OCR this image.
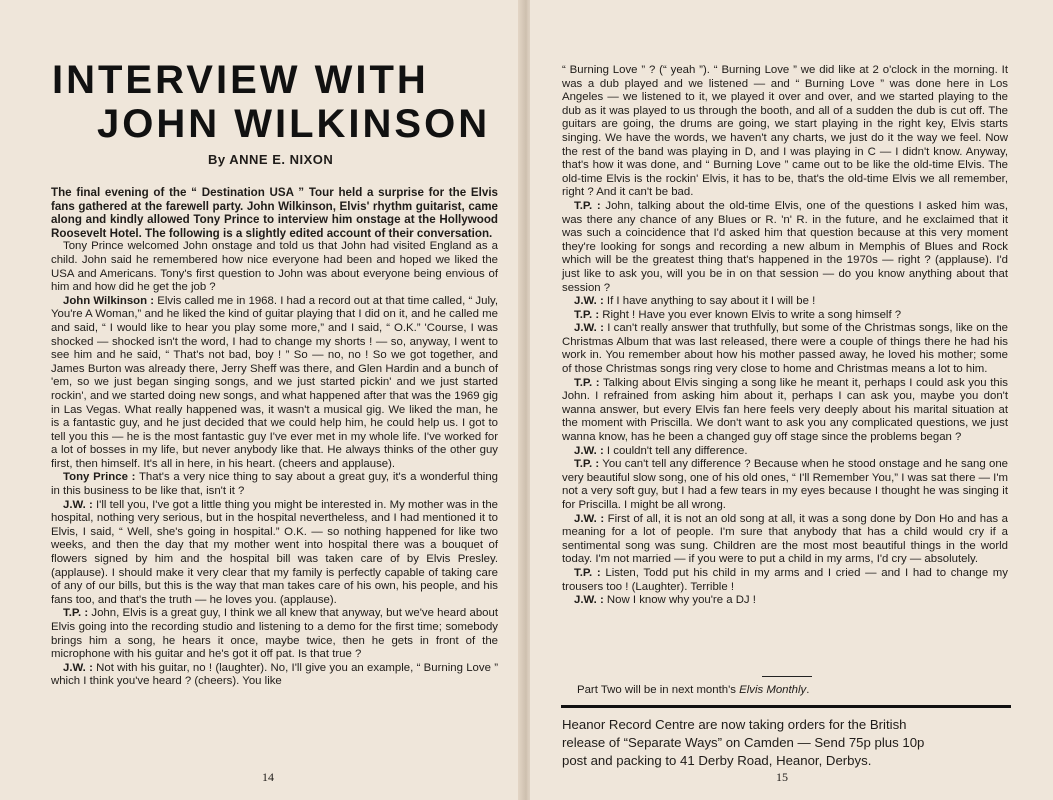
INTERVIEW WITH
JOHN WILKINSON
By ANNE E. NIXON

The final evening of the “ Destination USA ” Tour held a surprise for the Elvis fans gathered at the farewell party. John Wilkinson, Elvis' rhythm guitarist, came along and kindly allowed Tony Prince to interview him onstage at the Hollywood Roosevelt Hotel. The following is a slightly edited account of their conversation.

Tony Prince welcomed John onstage and told us that John had visited England as a child. John said he remembered how nice everyone had been and hoped we liked the USA and Americans. Tony's first question to John was about everyone being envious of him and how did he get the job ?

John Wilkinson : Elvis called me in 1968. I had a record out at that time called, “ July, You're A Woman,” and he liked the kind of guitar playing that I did on it, and he called me and said, “ I would like to hear you play some more,” and I said, “ O.K.” 'Course, I was shocked — shocked isn't the word, I had to change my shorts ! — so, anyway, I went to see him and he said, “ That's not bad, boy ! ” So — no, no ! So we got together, and James Burton was already there, Jerry Sheff was there, and Glen Hardin and a bunch of 'em, so we just began singing songs, and we just started pickin' and we just started rockin', and we started doing new songs, and what happened after that was the 1969 gig in Las Vegas. What really happened was, it wasn't a musical gig. We liked the man, he is a fantastic guy, and he just decided that we could help him, he could help us. I got to tell you this — he is the most fantastic guy I've ever met in my whole life. I've worked for a lot of bosses in my life, but never anybody like that. He always thinks of the other guy first, then himself. It's all in here, in his heart. (cheers and applause).

Tony Prince : That's a very nice thing to say about a great guy, it's a wonderful thing in this business to be like that, isn't it ?

J.W. : I'll tell you, I've got a little thing you might be interested in. My mother was in the hospital, nothing very serious, but in the hospital nevertheless, and I had mentioned it to Elvis, I said, “ Well, she's going in hospital.” O.K. — so nothing happened for like two weeks, and then the day that my mother went into hospital there was a bouquet of flowers signed by him and the hospital bill was taken care of by Elvis Presley. (applause). I should make it very clear that my family is perfectly capable of taking care of any of our bills, but this is the way that man takes care of his own, his people, and his fans too, and that's the truth — he loves you. (applause).

T.P. : John, Elvis is a great guy, I think we all knew that anyway, but we've heard about Elvis going into the recording studio and listening to a demo for the first time; somebody brings him a song, he hears it once, maybe twice, then he gets in front of the microphone with his guitar and he's got it off pat. Is that true ?

J.W. : Not with his guitar, no ! (laughter). No, I'll give you an example, “ Burning Love ” which I think you've heard ? (cheers). You like

14

“ Burning Love ” ? (“ yeah ”). “ Burning Love ” we did like at 2 o'clock in the morning. It was a dub played and we listened — and “ Burning Love ” was done here in Los Angeles — we listened to it, we played it over and over, and we started playing to the dub as it was played to us through the booth, and all of a sudden the dub is cut off. The guitars are going, the drums are going, we start playing in the right key, Elvis starts singing. We have the words, we haven't any charts, we just do it the way we feel. Now the rest of the band was playing in D, and I was playing in C — I didn't know. Anyway, that's how it was done, and “ Burning Love ” came out to be like the old-time Elvis. The old-time Elvis is the rockin' Elvis, it has to be, that's the old-time Elvis we all remember, right ? And it can't be bad.

T.P. : John, talking about the old-time Elvis, one of the questions I asked him was, was there any chance of any Blues or R. 'n' R. in the future, and he exclaimed that it was such a coincidence that I'd asked him that question because at this very moment they're looking for songs and recording a new album in Memphis of Blues and Rock which will be the greatest thing that's happened in the 1970s — right ? (applause). I'd just like to ask you, will you be in on that session — do you know anything about that session ?

J.W. : If I have anything to say about it I will be !

T.P. : Right ! Have you ever known Elvis to write a song himself ?

J.W. : I can't really answer that truthfully, but some of the Christmas songs, like on the Christmas Album that was last released, there were a couple of things there he had his work in. You remember about how his mother passed away, he loved his mother; some of those Christmas songs ring very close to home and Christmas means a lot to him.

T.P. : Talking about Elvis singing a song like he meant it, perhaps I could ask you this John. I refrained from asking him about it, perhaps I can ask you, maybe you don't wanna answer, but every Elvis fan here feels very deeply about his marital situation at the moment with Priscilla. We don't want to ask you any complicated questions, we just wanna know, has he been a changed guy off stage since the problems began ?

J.W. : I couldn't tell any difference.

T.P. : You can't tell any difference ? Because when he stood onstage and he sang one very beautiful slow song, one of his old ones, “ I'll Remember You,” I was sat there — I'm not a very soft guy, but I had a few tears in my eyes because I thought he was singing it for Priscilla. I might be all wrong.

J.W. : First of all, it is not an old song at all, it was a song done by Don Ho and has a meaning for a lot of people. I'm sure that anybody that has a child would cry if a sentimental song was sung. Children are the most most beautiful things in the world today. I'm not married — if you were to put a child in my arms, I'd cry — absolutely.

T.P. : Listen, Todd put his child in my arms and I cried — and I had to change my trousers too ! (Laughter). Terrible !

J.W. : Now I know why you're a DJ !

Part Two will be in next month's Elvis Monthly.
Heanor Record Centre are now taking orders for the British
release of “Separate Ways” on Camden — Send 75p plus 10p
post and packing to 41 Derby Road, Heanor, Derbys.
15
